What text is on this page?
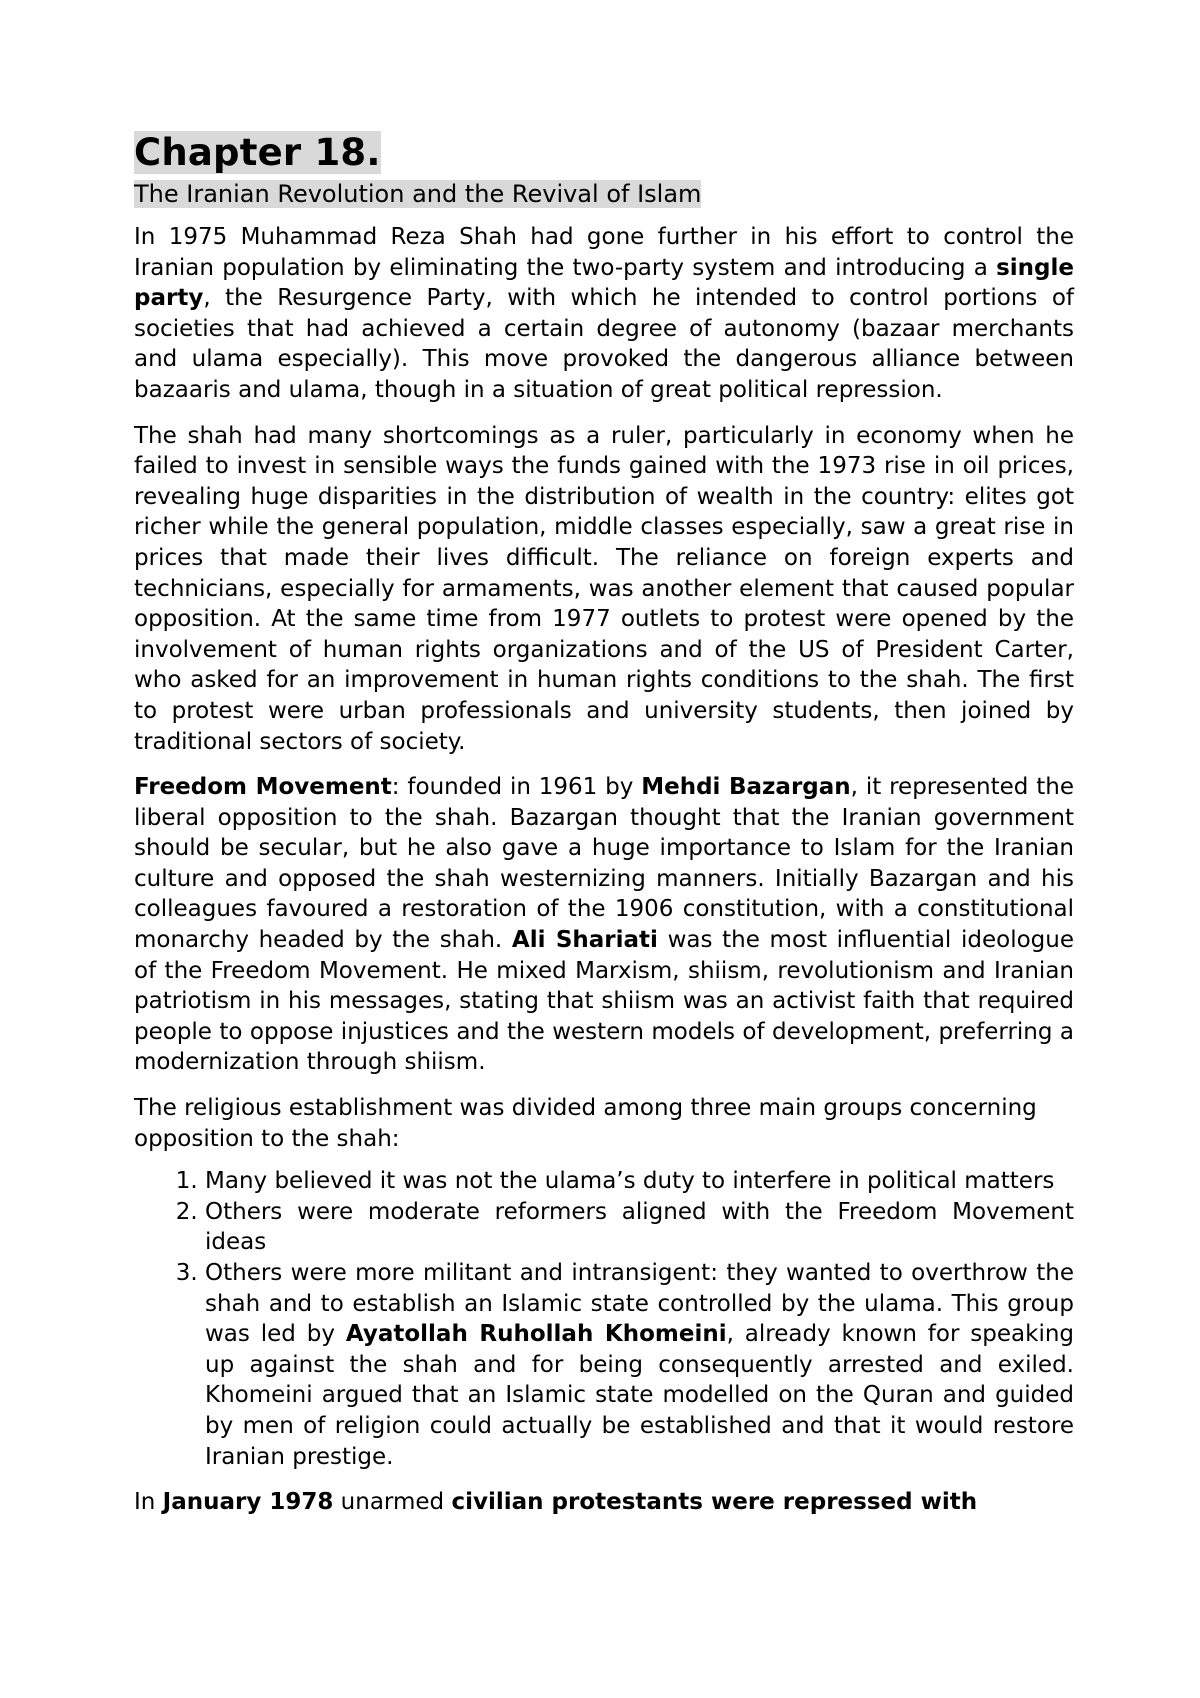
Chapter 18.
The Iranian Revolution and the Revival of Islam

In 1975 Muhammad Reza Shah had gone further in his effort to control the Iranian population by eliminating the two-party system and introducing a single party, the Resurgence Party, with which he intended to control portions of societies that had achieved a certain degree of autonomy (bazaar merchants and ulama especially). This move provoked the dangerous alliance between bazaaris and ulama, though in a situation of great political repression.

The shah had many shortcomings as a ruler, particularly in economy when he failed to invest in sensible ways the funds gained with the 1973 rise in oil prices, revealing huge disparities in the distribution of wealth in the country: elites got richer while the general population, middle classes especially, saw a great rise in prices that made their lives difficult. The reliance on foreign experts and technicians, especially for armaments, was another element that caused popular opposition. At the same time from 1977 outlets to protest were opened by the involvement of human rights organizations and of the US of President Carter, who asked for an improvement in human rights conditions to the shah. The first to protest were urban professionals and university students, then joined by traditional sectors of society.

Freedom Movement: founded in 1961 by Mehdi Bazargan, it represented the liberal opposition to the shah. Bazargan thought that the Iranian government should be secular, but he also gave a huge importance to Islam for the Iranian culture and opposed the shah westernizing manners. Initially Bazargan and his colleagues favoured a restoration of the 1906 constitution, with a constitutional monarchy headed by the shah. Ali Shariati was the most influential ideologue of the Freedom Movement. He mixed Marxism, shiism, revolutionism and Iranian patriotism in his messages, stating that shiism was an activist faith that required people to oppose injustices and the western models of development, preferring a modernization through shiism.

The religious establishment was divided among three main groups concerning opposition to the shah:

1. Many believed it was not the ulama’s duty to interfere in political matters
2. Others were moderate reformers aligned with the Freedom Movement ideas
3. Others were more militant and intransigent: they wanted to overthrow the shah and to establish an Islamic state controlled by the ulama. This group was led by Ayatollah Ruhollah Khomeini, already known for speaking up against the shah and for being consequently arrested and exiled. Khomeini argued that an Islamic state modelled on the Quran and guided by men of religion could actually be established and that it would restore Iranian prestige.

In January 1978 unarmed civilian protestants were repressed with
